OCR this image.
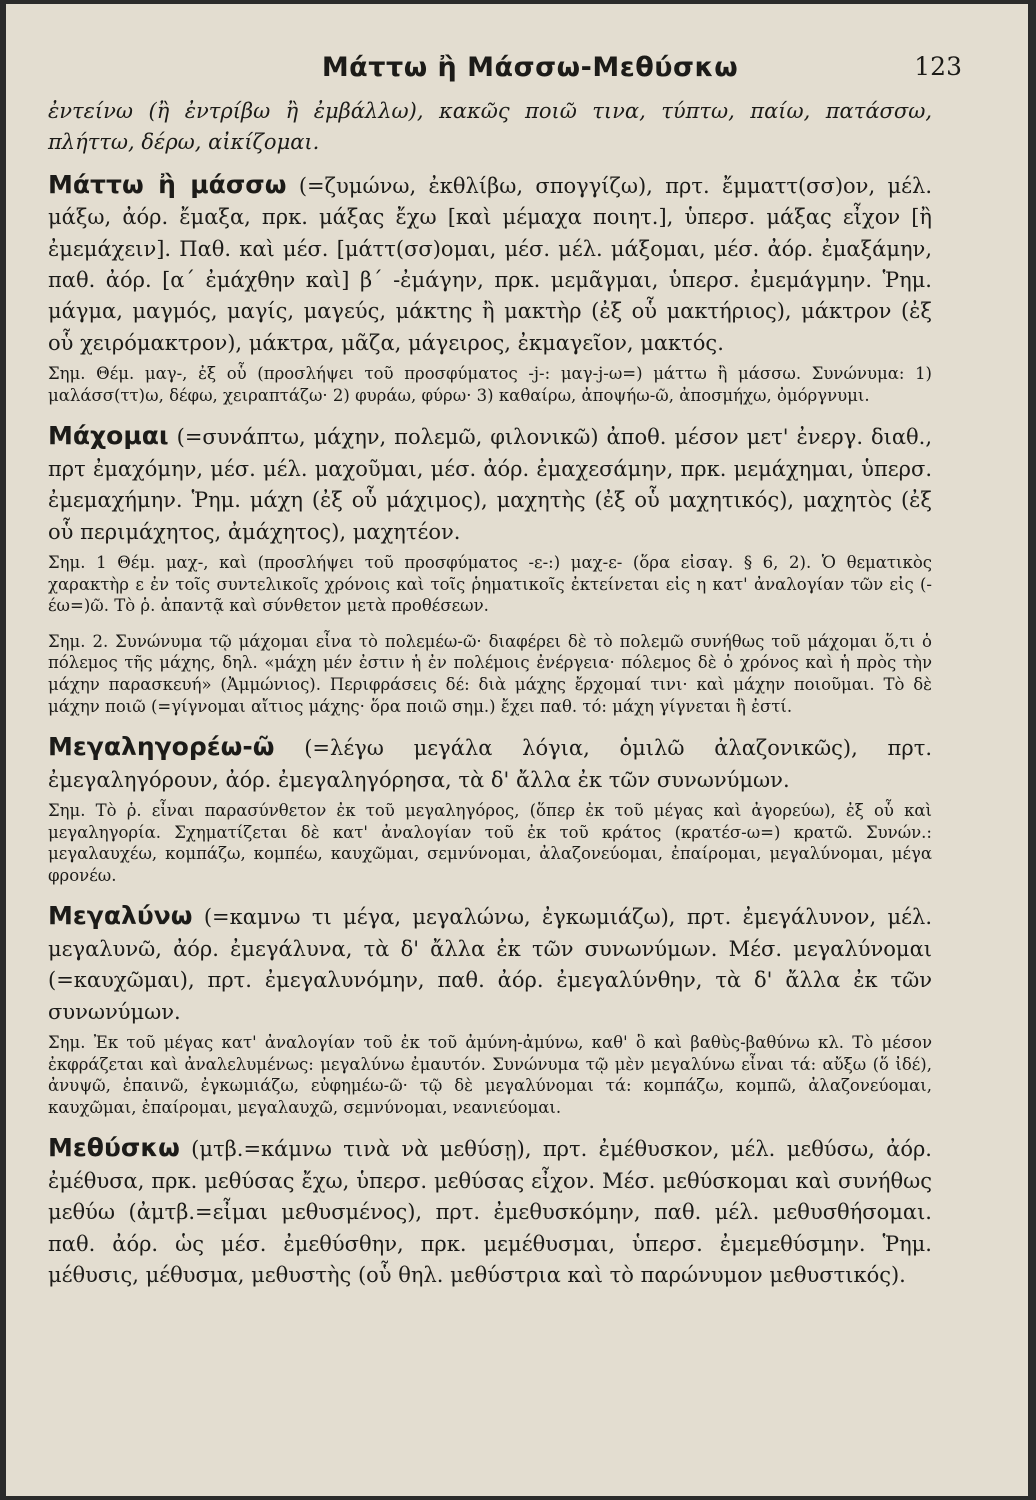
Μάττω ἢ Μάσσω-Μεθύσκω	123

ἐντείνω (ἢ ἐντρίβω ἢ ἐμβάλλω), κακῶς ποιῶ τινα, τύπτω, παίω, πατάσσω, πλήττω, δέρω, αἰκίζομαι.

Μάττω ἢ μάσσω (=ζυμώνω, ἐκθλίβω, σπογγίζω), πρτ. ἔμματτ(σσ)ον, μέλ. μάξω, ἀόρ. ἔμαξα, πρκ. μάξας ἔχω [καὶ μέμαχα ποιητ.], ὑπερσ. μάξας εἶχον [ἢ ἐμεμάχειν]. Παθ. καὶ μέσ. [μάττ(σσ)ομαι, μέσ. μέλ. μάξομαι, μέσ. ἀόρ. ἐμαξάμην, παθ. ἀόρ. [α΄ ἐμάχθην καὶ] β΄ -ἐμάγην, πρκ. μεμᾶγμαι, ὑπερσ. ἐμεμάγμην. Ῥημ. μάγμα, μαγμός, μαγίς, μαγεύς, μάκτης ἢ μακτὴρ (ἐξ οὗ μακτήριος), μάκτρον (ἐξ οὗ χειρόμακτρον), μάκτρα, μᾶζα, μάγειρος, ἐκμαγεῖον, μακτός.

Σημ. Θέμ. μαγ-, ἐξ οὗ (προσλήψει τοῦ προσφύματος -j-: μαγ-j-ω=) μάττω ἢ μάσσω. Συνώνυμα: 1) μαλάσσ(ττ)ω, δέφω, χειραπτάζω· 2) φυράω, φύρω· 3) καθαίρω, ἀποψήω-ῶ, ἀποσμήχω, ὀμόργνυμι.

Μάχομαι (=συνάπτω, μάχην, πολεμῶ, φιλονικῶ) ἀποθ. μέσον μετ' ἐνεργ. διαθ., πρτ ἐμαχόμην, μέσ. μέλ. μαχοῦμαι, μέσ. ἀόρ. ἐμαχεσάμην, πρκ. μεμάχημαι, ὑπερσ. ἐμεμαχήμην. Ῥημ. μάχη (ἐξ οὗ μάχιμος), μαχητὴς (ἐξ οὗ μαχητικός), μαχητὸς (ἐξ οὗ περιμάχητος, ἀμάχητος), μαχητέον.

Σημ. 1 Θέμ. μαχ-, καὶ (προσλήψει τοῦ προσφύματος -ε-:) μαχ-ε- (ὅρα εἰσαγ. § 6, 2). Ὁ θεματικὸς χαρακτὴρ ε ἐν τοῖς συντελικοῖς χρόνοις καὶ τοῖς ῥηματικοῖς ἐκτείνεται εἰς η κατ' ἀναλογίαν τῶν εἰς (-έω=)ῶ. Τὸ ῥ. ἀπαντᾷ καὶ σύνθετον μετὰ προθέσεων.

Σημ. 2. Συνώνυμα τῷ μάχομαι εἶνα τὸ πολεμέω-ῶ· διαφέρει δὲ τὸ πολεμῶ συνήθως τοῦ μάχομαι ὅ,τι ὁ πόλεμος τῆς μάχης, δηλ. «μάχη μέν ἐστιν ἡ ἐν πολέμοις ἐνέργεια· πόλεμος δὲ ὁ χρόνος καὶ ἡ πρὸς τὴν μάχην παρασκευή» (Ἀμμώνιος). Περιφράσεις δέ: διὰ μάχης ἔρχομαί τινι· καὶ μάχην ποιοῦμαι. Τὸ δὲ μάχην ποιῶ (=γίγνομαι αἴτιος μάχης· ὅρα ποιῶ σημ.) ἔχει παθ. τό: μάχη γίγνεται ἢ ἐστί.

Μεγαληγορέω-ῶ (=λέγω μεγάλα λόγια, ὁμιλῶ ἀλαζονικῶς), πρτ. ἐμεγαληγόρουν, ἀόρ. ἐμεγαληγόρησα, τὰ δ' ἄλλα ἐκ τῶν συνωνύμων.

Σημ. Τὸ ῥ. εἶναι παρασύνθετον ἐκ τοῦ μεγαληγόρος, (ὅπερ ἐκ τοῦ μέγας καὶ ἀγορεύω), ἐξ οὗ καὶ μεγαληγορία. Σχηματίζεται δὲ κατ' ἀναλογίαν τοῦ ἐκ τοῦ κράτος (κρατέσ-ω=) κρατῶ. Συνών.: μεγαλαυχέω, κομπάζω, κομπέω, καυχῶμαι, σεμνύνομαι, ἀλαζονεύομαι, ἐπαίρομαι, μεγαλύνομαι, μέγα φρονέω.

Μεγαλύνω (=καμνω τι μέγα, μεγαλώνω, ἐγκωμιάζω), πρτ. ἐμεγάλυνον, μέλ. μεγαλυνῶ, ἀόρ. ἐμεγάλυνα, τὰ δ' ἄλλα ἐκ τῶν συνωνύμων. Μέσ. μεγαλύνομαι (=καυχῶμαι), πρτ. ἐμεγαλυνόμην, παθ. ἀόρ. ἐμεγαλύνθην, τὰ δ' ἄλλα ἐκ τῶν συνωνύμων.

Σημ. Ἐκ τοῦ μέγας κατ' ἀναλογίαν τοῦ ἐκ τοῦ ἀμύνη-ἀμύνω, καθ' ὃ καὶ βαθὺς-βαθύνω κλ. Τὸ μέσον ἐκφράζεται καὶ ἀναλελυμένως: μεγαλύνω ἐμαυτόν. Συνώνυμα τῷ μὲν μεγαλύνω εἶναι τά: αὔξω (ὅ ἰδέ), ἀνυψῶ, ἐπαινῶ, ἐγκωμιάζω, εὐφημέω-ῶ· τῷ δὲ μεγαλύνομαι τά: κομπάζω, κομπῶ, ἀλαζονεύομαι, καυχῶμαι, ἐπαίρομαι, μεγαλαυχῶ, σεμνύνομαι, νεανιεύομαι.

Μεθύσκω (μτβ.=κάμνω τινὰ νὰ μεθύσῃ), πρτ. ἐμέθυσκον, μέλ. μεθύσω, ἀόρ. ἐμέθυσα, πρκ. μεθύσας ἔχω, ὑπερσ. μεθύσας εἶχον. Μέσ. μεθύσκομαι καὶ συνήθως μεθύω (ἀμτβ.=εἶμαι μεθυσμένος), πρτ. ἐμεθυσκόμην, παθ. μέλ. μεθυσθήσομαι. παθ. ἀόρ. ὡς μέσ. ἐμεθύσθην, πρκ. μεμέθυσμαι, ὑπερσ. ἐμεμεθύσμην. Ῥημ. μέθυσις, μέθυσμα, μεθυστὴς (οὗ θηλ. μεθύστρια καὶ τὸ παρώνυμον μεθυστικός).
